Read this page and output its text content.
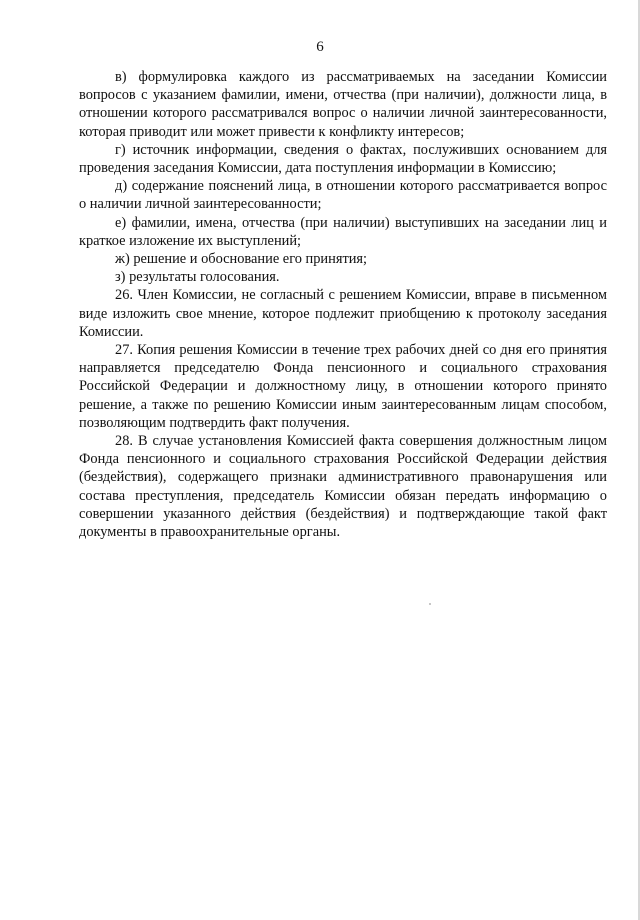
6

в) формулировка каждого из рассматриваемых на заседании Комиссии вопросов с указанием фамилии, имени, отчества (при наличии), должности лица, в отношении которого рассматривался вопрос о наличии личной заинтересованности, которая приводит или может привести к конфликту интересов;

г) источник информации, сведения о фактах, послуживших основанием для проведения заседания Комиссии, дата поступления информации в Комиссию;

д) содержание пояснений лица, в отношении которого рассматривается вопрос о наличии личной заинтересованности;

е) фамилии, имена, отчества (при наличии) выступивших на заседании лиц и краткое изложение их выступлений;

ж) решение и обоснование его принятия;

з) результаты голосования.

26. Член Комиссии, не согласный с решением Комиссии, вправе в письменном виде изложить свое мнение, которое подлежит приобщению к протоколу заседания Комиссии.

27. Копия решения Комиссии в течение трех рабочих дней со дня его принятия направляется председателю Фонда пенсионного и социального страхования Российской Федерации и должностному лицу, в отношении которого принято решение, а также по решению Комиссии иным заинтересованным лицам способом, позволяющим подтвердить факт получения.

28. В случае установления Комиссией факта совершения должностным лицом Фонда пенсионного и социального страхования Российской Федерации действия (бездействия), содержащего признаки административного правонарушения или состава преступления, председатель Комиссии обязан передать информацию о совершении указанного действия (бездействия) и подтверждающие такой факт документы в правоохранительные органы.
